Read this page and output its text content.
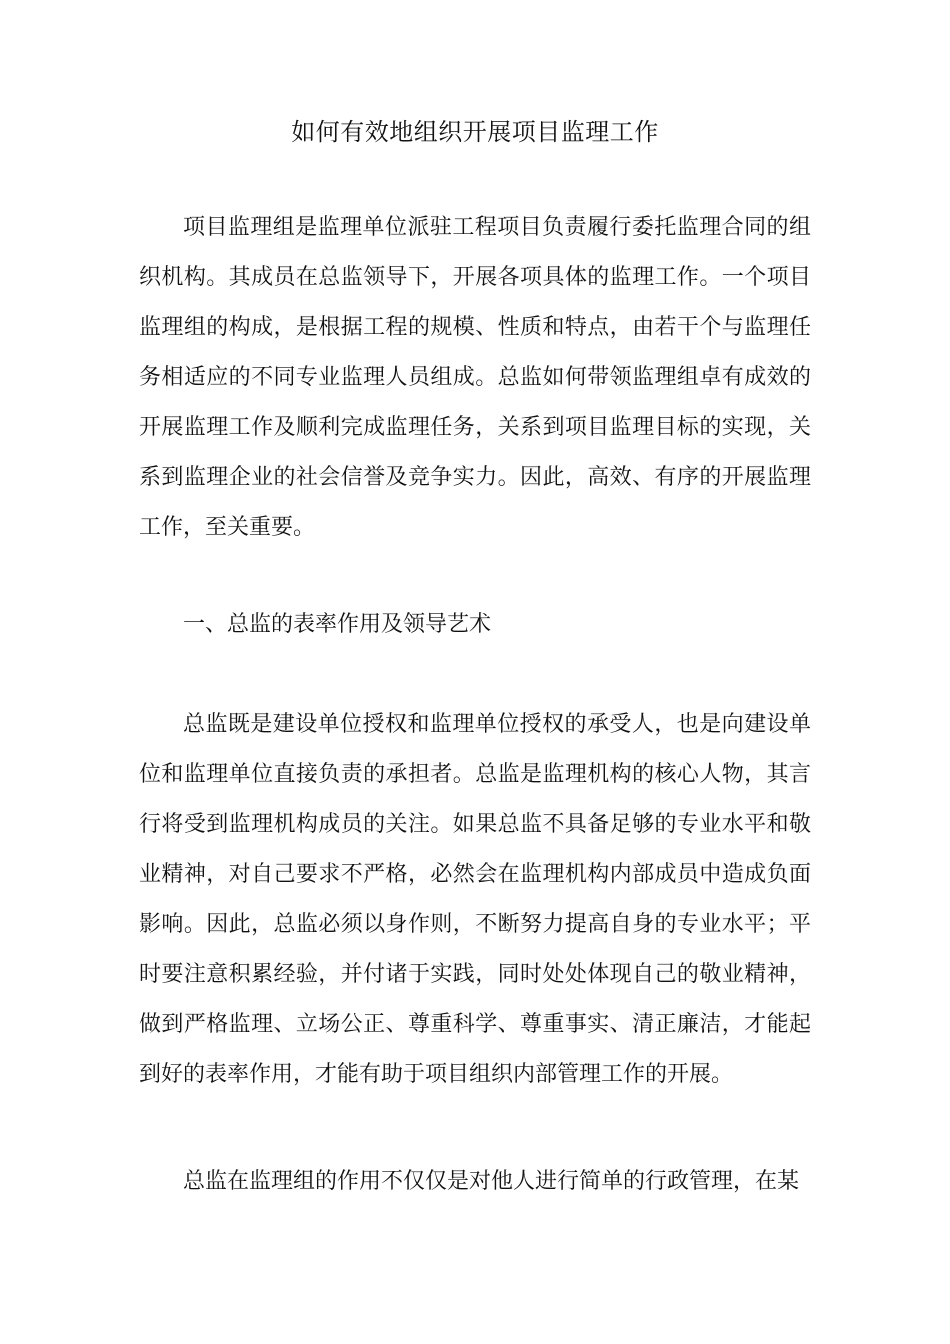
如何有效地组织开展项目监理工作

项目监理组是监理单位派驻工程项目负责履行委托监理合同的组织机构。其成员在总监领导下，开展各项具体的监理工作。一个项目监理组的构成，是根据工程的规模、性质和特点，由若干个与监理任务相适应的不同专业监理人员组成。总监如何带领监理组卓有成效的开展监理工作及顺利完成监理任务，关系到项目监理目标的实现，关系到监理企业的社会信誉及竞争实力。因此，高效、有序的开展监理工作，至关重要。

一、总监的表率作用及领导艺术

总监既是建设单位授权和监理单位授权的承受人，也是向建设单位和监理单位直接负责的承担者。总监是监理机构的核心人物，其言行将受到监理机构成员的关注。如果总监不具备足够的专业水平和敬业精神，对自己要求不严格，必然会在监理机构内部成员中造成负面影响。因此，总监必须以身作则，不断努力提高自身的专业水平；平时要注意积累经验，并付诸于实践，同时处处体现自己的敬业精神，做到严格监理、立场公正、尊重科学、尊重事实、清正廉洁，才能起到好的表率作用，才能有助于项目组织内部管理工作的开展。

总监在监理组的作用不仅仅是对他人进行简单的行政管理，在某
